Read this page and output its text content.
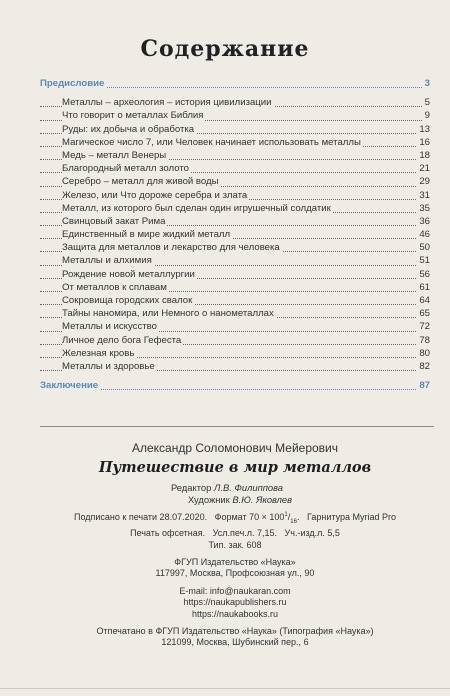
Содержание
Предисловие	3
Металлы – археология – история цивилизации	5
Что говорит о металлах Библия	9
Руды: их добыча и обработка	13
Магическое число 7, или Человек начинает использовать металлы	16
Медь – металл Венеры	18
Благородный металл золото	21
Серебро – металл для живой воды	29
Железо, или Что дороже серебра и злата	31
Металл, из которого был сделан один игрушечный солдатик	35
Свинцовый закат Рима	36
Единственный в мире жидкий металл	46
Защита для металлов и лекарство для человека	50
Металлы и алхимия	51
Рождение новой металлургии	56
От металлов к сплавам	61
Сокровища городских свалок	64
Тайны наномира, или Немного о нанометаллах	65
Металлы и искусство	72
Личное дело бога Гефеста	78
Железная кровь	80
Металлы и здоровье	82
Заключение	87
Александр Соломонович Мейерович
Путешествие в мир металлов
Редактор Л.В. Филиппова
Художник В.Ю. Яковлев
Подписано к печати 28.07.2020. Формат $70 \times 100^1/_{16}$. Гарнитура Myriad Pro
Печать офсетная.   Усл.печ.л. 7,15.   Уч.-изд.л. 5,5
Тип. зак. 608
ФГУП Издательство «Наука»
117997, Москва, Профсоюзная ул., 90
E-mail: info@naukaran.com
https://naukapublishers.ru
https://naukabooks.ru
Отпечатано в ФГУП Издательство «Наука» (Типография «Наука»)
121099, Москва, Шубинский пер., 6
